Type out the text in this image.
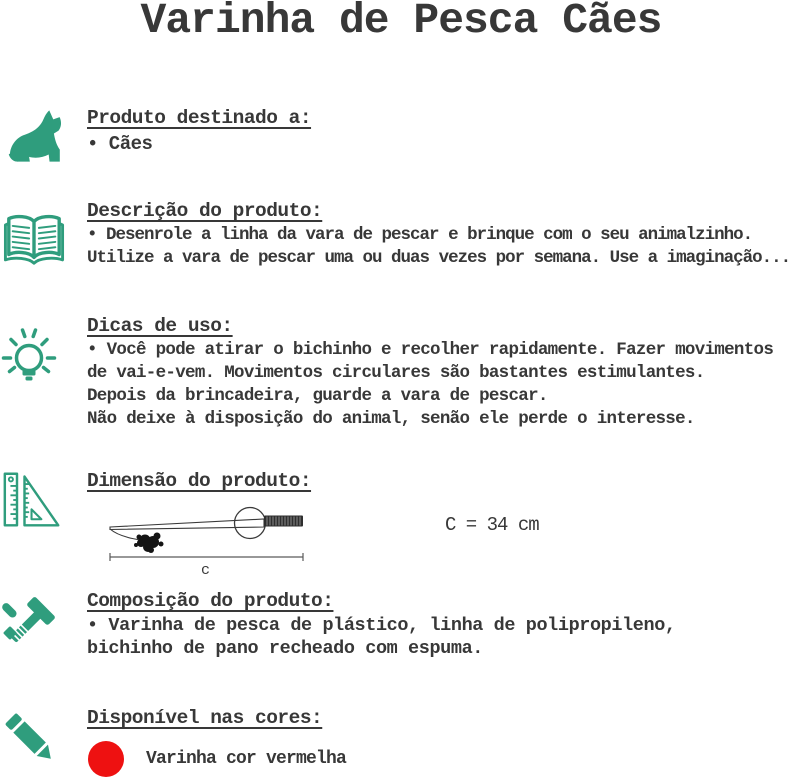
Varinha de Pesca Cães
Produto destinado a:
• Cães
Descrição do produto:
• Desenrole a linha da vara de pescar e brinque com o seu animalzinho.
Utilize a vara de pescar uma ou duas vezes por semana. Use a imaginação...
Dicas de uso:
• Você pode atirar o bichinho e recolher rapidamente. Fazer movimentos
de vai-e-vem. Movimentos circulares são bastantes estimulantes.
Depois da brincadeira, guarde a vara de pescar.
Não deixe à disposição do animal, senão ele perde o interesse.
Dimensão do produto:
c
C = 34 cm
Composição do produto:
• Varinha de pesca de plástico, linha de polipropileno,
bichinho de pano recheado com espuma.
Disponível nas cores:
Varinha cor vermelha
